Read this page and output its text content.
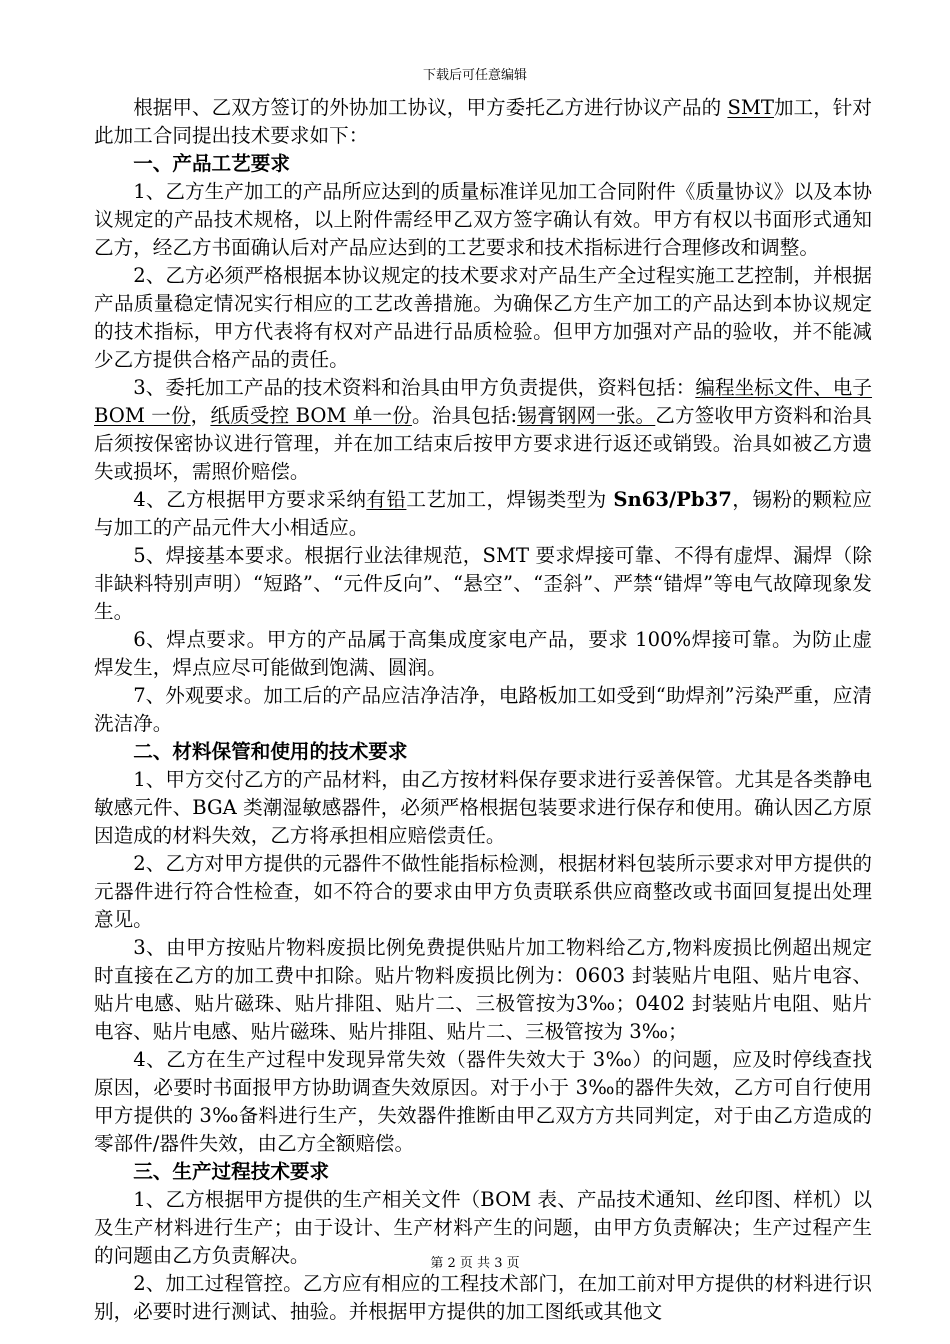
下载后可任意编辑

根据甲、乙双方签订的外协加工协议，甲方委托乙方进行协议产品的 SMT加工，针对此加工合同提出技术要求如下：

一、产品工艺要求

1、乙方生产加工的产品所应达到的质量标准详见加工合同附件《质量协议》以及本协议规定的产品技术规格，以上附件需经甲乙双方签字确认有效。甲方有权以书面形式通知乙方，经乙方书面确认后对产品应达到的工艺要求和技术指标进行合理修改和调整。

2、乙方必须严格根据本协议规定的技术要求对产品生产全过程实施工艺控制，并根据产品质量稳定情况实行相应的工艺改善措施。为确保乙方生产加工的产品达到本协议规定的技术指标，甲方代表将有权对产品进行品质检验。但甲方加强对产品的验收，并不能减少乙方提供合格产品的责任。

3、委托加工产品的技术资料和治具由甲方负责提供，资料包括：编程坐标文件、电子 BOM 一份，纸质受控 BOM 单一份。治具包括:锡膏钢网一张。乙方签收甲方资料和治具后须按保密协议进行管理，并在加工结束后按甲方要求进行返还或销毁。治具如被乙方遗失或损坏，需照价赔偿。

4、乙方根据甲方要求采纳有铅工艺加工，焊锡类型为 Sn63/Pb37，锡粉的颗粒应与加工的产品元件大小相适应。

5、焊接基本要求。根据行业法律规范，SMT 要求焊接可靠、不得有虚焊、漏焊（除非缺料特别声明）“短路”、“元件反向”、“悬空”、“歪斜”、严禁“错焊”等电气故障现象发生。

6、焊点要求。甲方的产品属于高集成度家电产品，要求 100%焊接可靠。为防止虚焊发生，焊点应尽可能做到饱满、圆润。

7、外观要求。加工后的产品应洁净洁净，电路板加工如受到“助焊剂”污染严重，应清洗洁净。

二、材料保管和使用的技术要求

1、甲方交付乙方的产品材料，由乙方按材料保存要求进行妥善保管。尤其是各类静电敏感元件、BGA 类潮湿敏感器件，必须严格根据包装要求进行保存和使用。确认因乙方原因造成的材料失效，乙方将承担相应赔偿责任。

2、乙方对甲方提供的元器件不做性能指标检测，根据材料包装所示要求对甲方提供的元器件进行符合性检查，如不符合的要求由甲方负责联系供应商整改或书面回复提出处理意见。

3、由甲方按贴片物料废损比例免费提供贴片加工物料给乙方,物料废损比例超出规定时直接在乙方的加工费中扣除。贴片物料废损比例为：0603 封装贴片电阻、贴片电容、贴片电感、贴片磁珠、贴片排阻、贴片二、三极管按为3‰；0402 封装贴片电阻、贴片电容、贴片电感、贴片磁珠、贴片排阻、贴片二、三极管按为 3‰；

4、乙方在生产过程中发现异常失效（器件失效大于 3‰）的问题，应及时停线查找原因，必要时书面报甲方协助调查失效原因。对于小于 3‰的器件失效，乙方可自行使用甲方提供的 3‰备料进行生产，失效器件推断由甲乙双方方共同判定，对于由乙方造成的零部件/器件失效，由乙方全额赔偿。

三、生产过程技术要求

1、乙方根据甲方提供的生产相关文件（BOM 表、产品技术通知、丝印图、样机）以及生产材料进行生产；由于设计、生产材料产生的问题，由甲方负责解决；生产过程产生的问题由乙方负责解决。

2、加工过程管控。乙方应有相应的工程技术部门，在加工前对甲方提供的材料进行识别，必要时进行测试、抽验。并根据甲方提供的加工图纸或其他文

第 2 页 共 3 页
